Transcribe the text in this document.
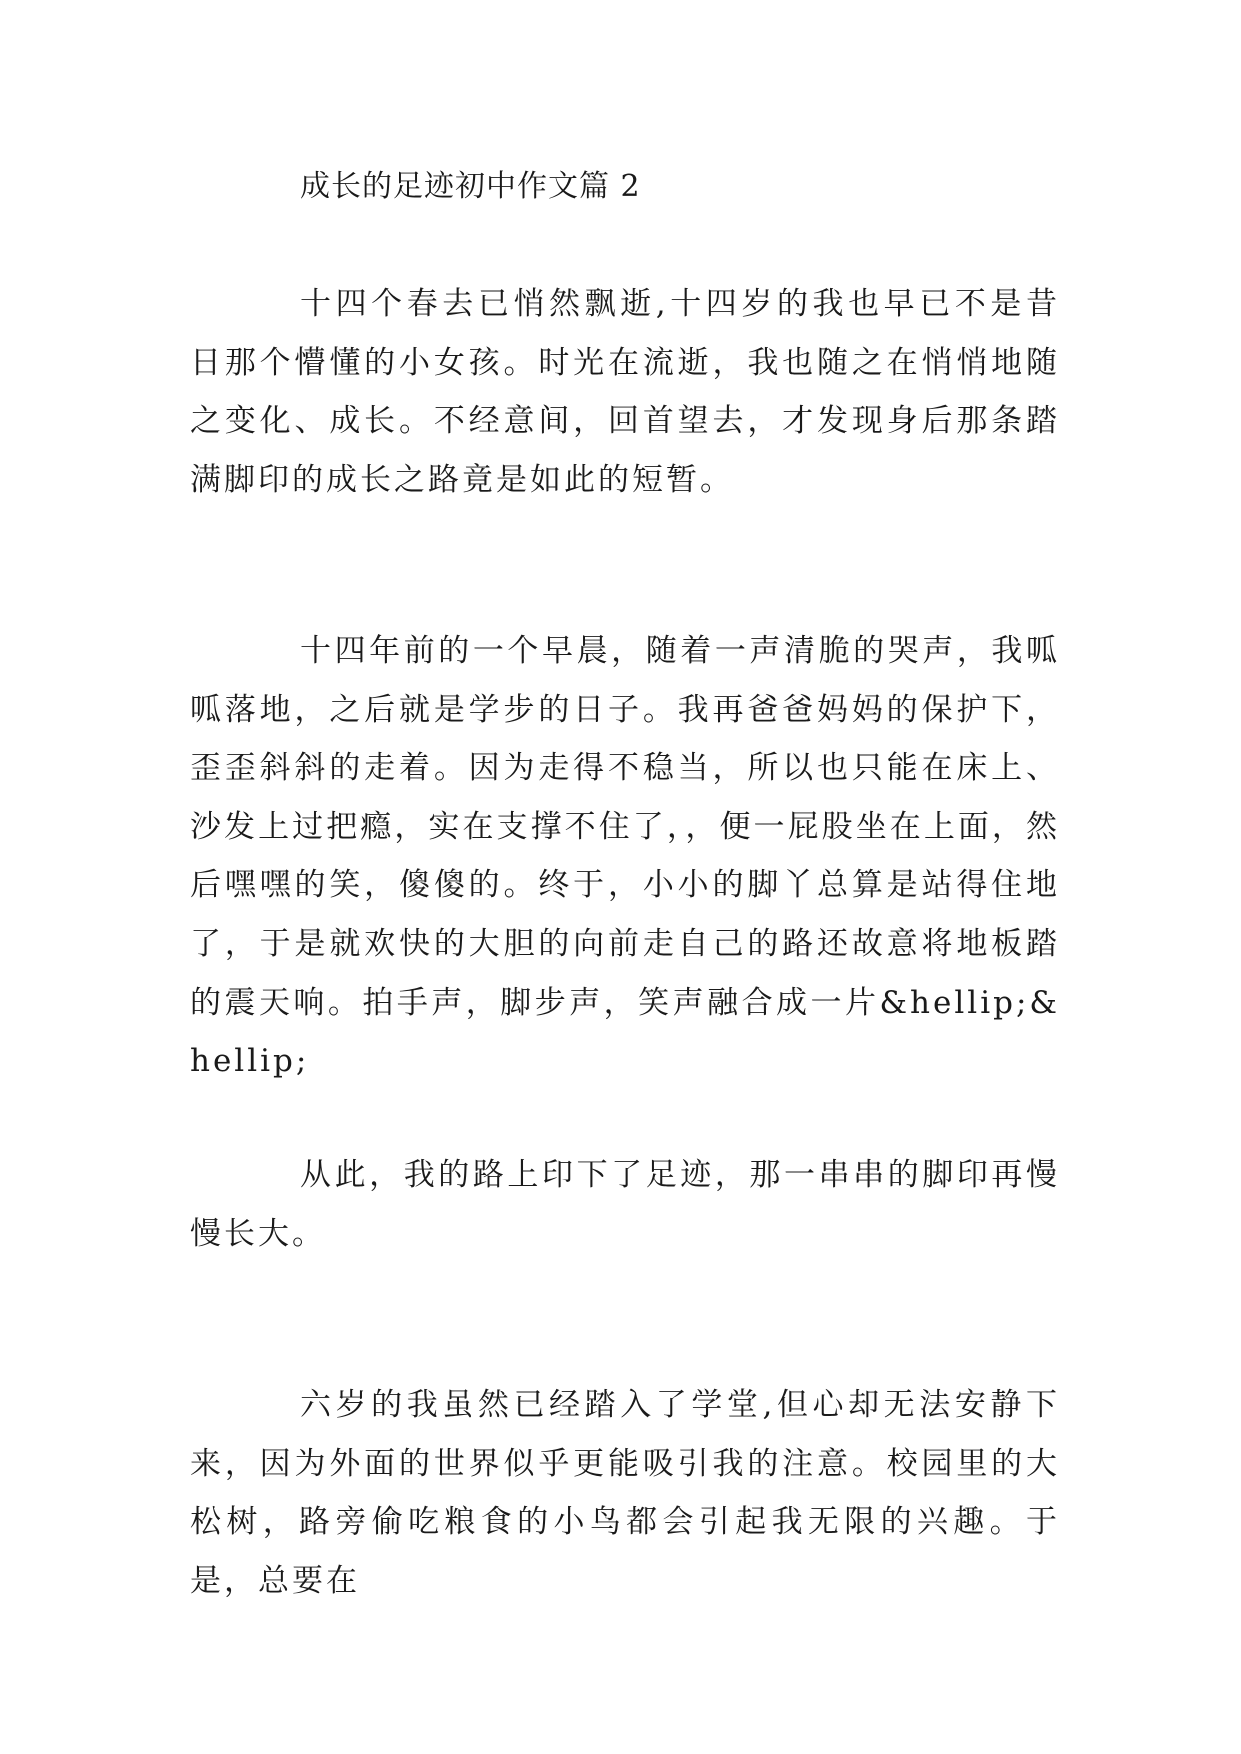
成长的足迹初中作文篇 2

十四个春去已悄然飘逝,十四岁的我也早已不是昔日那个懵懂的小女孩。时光在流逝，我也随之在悄悄地随之变化、成长。不经意间，回首望去，才发现身后那条踏满脚印的成长之路竟是如此的短暂。

十四年前的一个早晨，随着一声清脆的哭声，我呱呱落地，之后就是学步的日子。我再爸爸妈妈的保护下，歪歪斜斜的走着。因为走得不稳当，所以也只能在床上、沙发上过把瘾，实在支撑不住了，，便一屁股坐在上面，然后嘿嘿的笑，傻傻的。终于，小小的脚丫总算是站得住地了，于是就欢快的大胆的向前走自己的路还故意将地板踏的震天响。拍手声，脚步声，笑声融合成一片&hellip;&hellip;

从此，我的路上印下了足迹，那一串串的脚印再慢慢长大。

六岁的我虽然已经踏入了学堂,但心却无法安静下来，因为外面的世界似乎更能吸引我的注意。校园里的大松树，路旁偷吃粮食的小鸟都会引起我无限的兴趣。于是，总要在
